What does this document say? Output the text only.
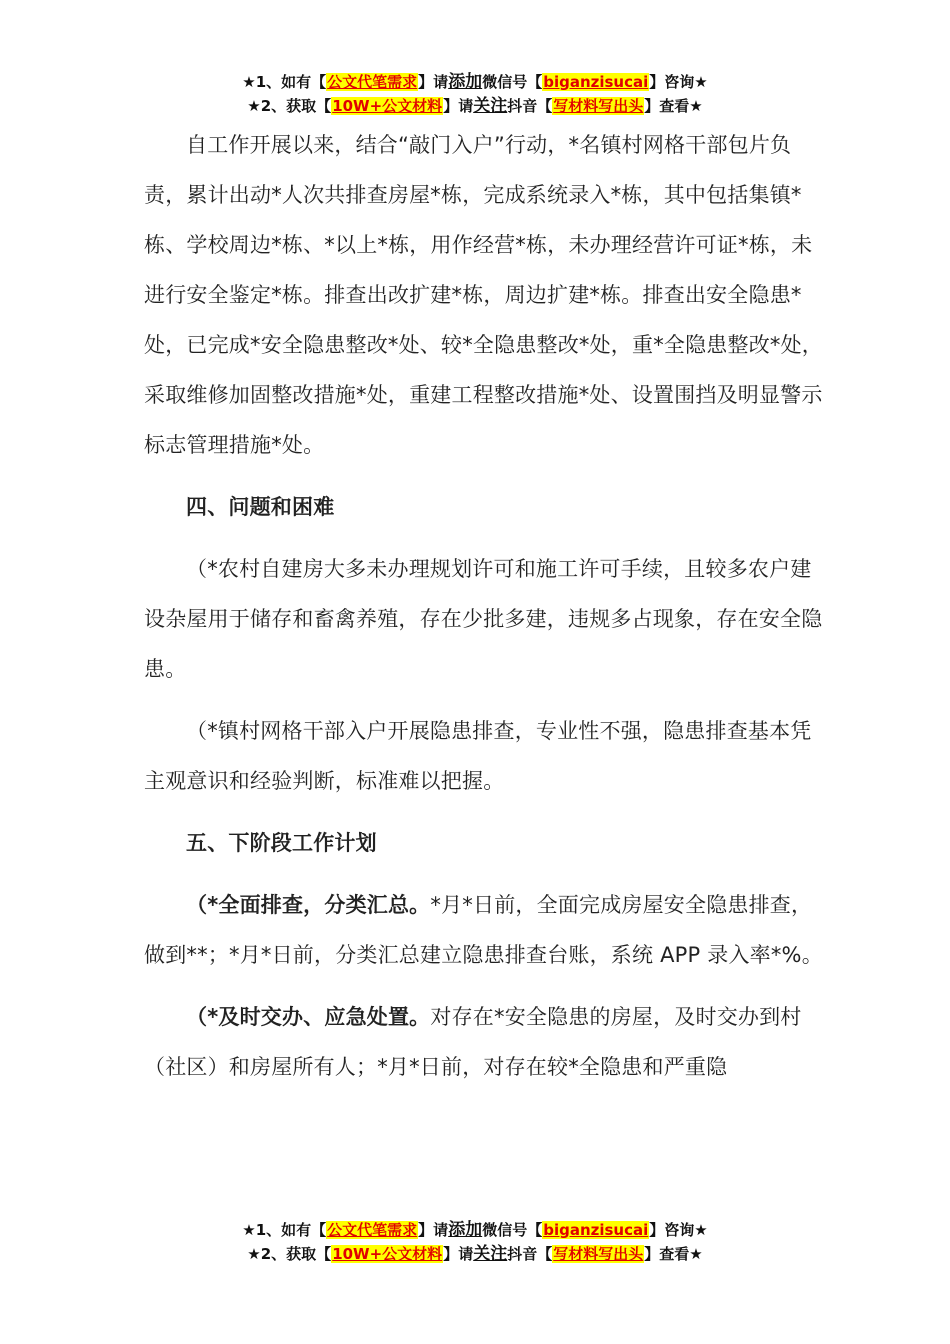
★1、如有【公文代笔需求】请添加微信号【biganzisucai】咨询★
★2、获取【10W+公文材料】请关注抖音【写材料写出头】查看★

自工作开展以来，结合“敲门入户”行动，*名镇村网格干部包片负责，累计出动*人次共排查房屋*栋，完成系统录入*栋，其中包括集镇*栋、学校周边*栋、*以上*栋，用作经营*栋，未办理经营许可证*栋，未进行安全鉴定*栋。排查出改扩建*栋，周边扩建*栋。排查出安全隐患*处，已完成*安全隐患整改*处、较*全隐患整改*处，重*全隐患整改*处，采取维修加固整改措施*处，重建工程整改措施*处、设置围挡及明显警示标志管理措施*处。

四、问题和困难

（*农村自建房大多未办理规划许可和施工许可手续，且较多农户建设杂屋用于储存和畜禽养殖，存在少批多建，违规多占现象，存在安全隐患。

（*镇村网格干部入户开展隐患排查，专业性不强，隐患排查基本凭主观意识和经验判断，标准难以把握。

五、下阶段工作计划

（*全面排查，分类汇总。*月*日前，全面完成房屋安全隐患排查，做到**；*月*日前，分类汇总建立隐患排查台账，系统 APP 录入率*%。

（*及时交办、应急处置。对存在*安全隐患的房屋，及时交办到村（社区）和房屋所有人；*月*日前，对存在较*全隐患和严重隐

★1、如有【公文代笔需求】请添加微信号【biganzisucai】咨询★
★2、获取【10W+公文材料】请关注抖音【写材料写出头】查看★
